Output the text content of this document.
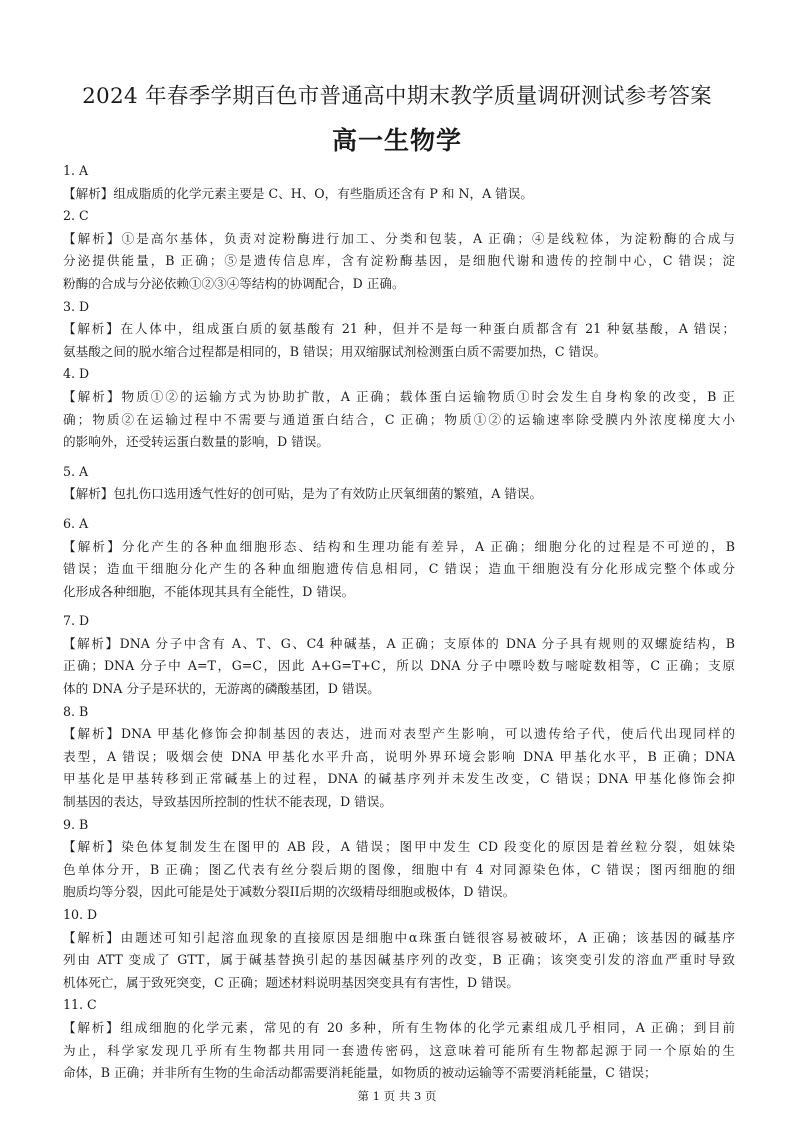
2024 年春季学期百色市普通高中期末教学质量调研测试参考答案
高一生物学
1. A
【解析】组成脂质的化学元素主要是 C、H、O，有些脂质还含有 P 和 N，A 错误。
2. C
【解析】①是高尔基体，负责对淀粉酶进行加工、分类和包装，A 正确；④是线粒体，为淀粉酶的合成与
分泌提供能量，B 正确；⑤是遗传信息库，含有淀粉酶基因，是细胞代谢和遗传的控制中心，C 错误；淀
粉酶的合成与分泌依赖①②③④等结构的协调配合，D 正确。
3. D
【解析】在人体中，组成蛋白质的氨基酸有 21 种，但并不是每一种蛋白质都含有 21 种氨基酸，A 错误；
氨基酸之间的脱水缩合过程都是相同的，B 错误；用双缩脲试剂检测蛋白质不需要加热，C 错误。
4. D
【解析】物质①②的运输方式为协助扩散，A 正确；载体蛋白运输物质①时会发生自身构象的改变，B 正
确；物质②在运输过程中不需要与通道蛋白结合，C 正确；物质①②的运输速率除受膜内外浓度梯度大小
的影响外，还受转运蛋白数量的影响，D 错误。
5. A
【解析】包扎伤口选用透气性好的创可贴，是为了有效防止厌氧细菌的繁殖，A 错误。
6. A
【解析】分化产生的各种血细胞形态、结构和生理功能有差异，A 正确；细胞分化的过程是不可逆的，B
错误；造血干细胞分化产生的各种血细胞遗传信息相同，C 错误；造血干细胞没有分化形成完整个体或分
化形成各种细胞，不能体现其具有全能性，D 错误。
7. D
【解析】DNA 分子中含有 A、T、G、C4 种碱基，A 正确；支原体的 DNA 分子具有规则的双螺旋结构，B
正确；DNA 分子中 A=T，G=C，因此 A+G=T+C，所以 DNA 分子中嘌呤数与嘧啶数相等，C 正确；支原
体的 DNA 分子是环状的，无游离的磷酸基团，D 错误。
8. B
【解析】DNA 甲基化修饰会抑制基因的表达，进而对表型产生影响，可以遗传给子代，使后代出现同样的
表型，A 错误；吸烟会使 DNA 甲基化水平升高，说明外界环境会影响 DNA 甲基化水平，B 正确；DNA
甲基化是甲基转移到正常碱基上的过程，DNA 的碱基序列并未发生改变，C 错误；DNA 甲基化修饰会抑
制基因的表达，导致基因所控制的性状不能表现，D 错误。
9. B
【解析】染色体复制发生在图甲的 AB 段，A 错误；图甲中发生 CD 段变化的原因是着丝粒分裂，姐妹染
色单体分开，B 正确；图乙代表有丝分裂后期的图像，细胞中有 4 对同源染色体，C 错误；图丙细胞的细
胞质均等分裂，因此可能是处于减数分裂II后期的次级精母细胞或极体，D 错误。
10. D
【解析】由题述可知引起溶血现象的直接原因是细胞中α珠蛋白链很容易被破坏，A 正确；该基因的碱基序
列由 ATT 变成了 GTT，属于碱基替换引起的基因碱基序列的改变，B 正确；该突变引发的溶血严重时导致
机体死亡，属于致死突变，C 正确；题述材料说明基因突变具有有害性，D 错误。
11. C
【解析】组成细胞的化学元素，常见的有 20 多种，所有生物体的化学元素组成几乎相同，A 正确；到目前
为止，科学家发现几乎所有生物都共用同一套遗传密码，这意味着可能所有生物都起源于同一个原始的生
命体，B 正确；并非所有生物的生命活动都需要消耗能量，如物质的被动运输等不需要消耗能量，C 错误；
第 1 页 共 3 页
